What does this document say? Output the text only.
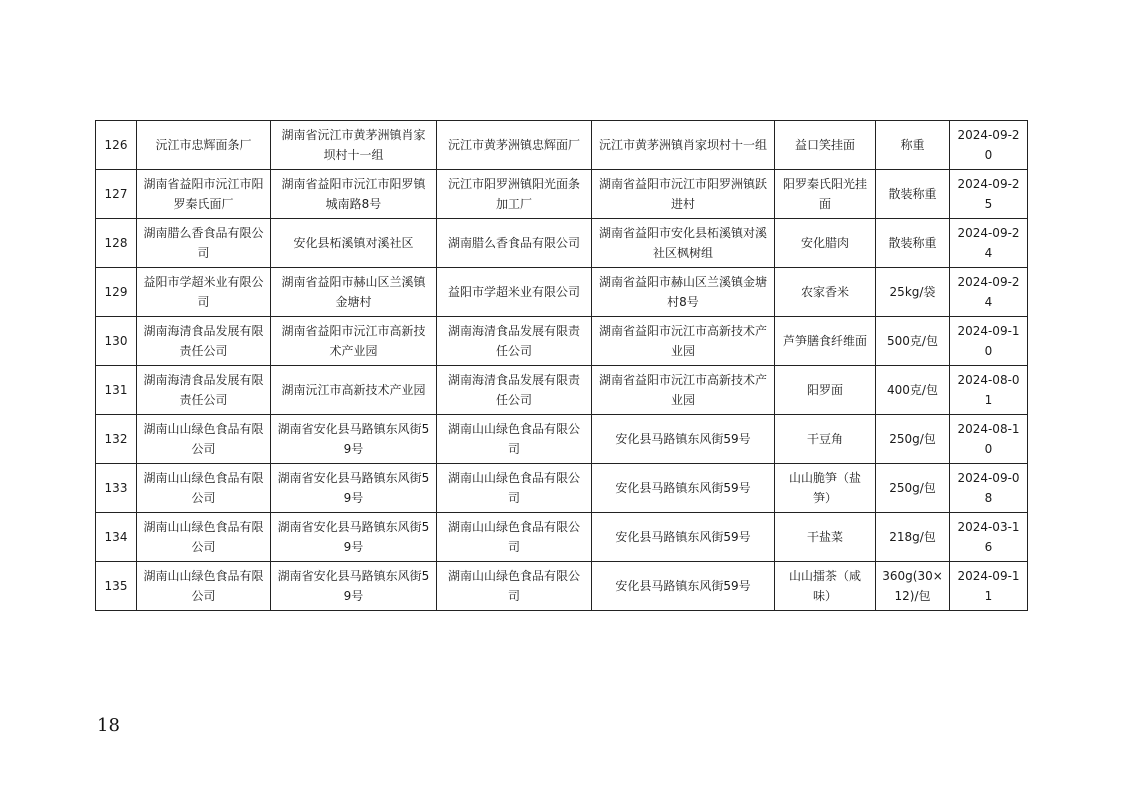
126	沅江市忠辉面条厂	湖南省沅江市黄茅洲镇肖家坝村十一组	沅江市黄茅洲镇忠辉面厂	沅江市黄茅洲镇肖家坝村十一组	益口笑挂面	称重	2024-09-20
127	湖南省益阳市沅江市阳罗秦氏面厂	湖南省益阳市沅江市阳罗镇城南路8号	沅江市阳罗洲镇阳光面条加工厂	湖南省益阳市沅江市阳罗洲镇跃进村	阳罗秦氏阳光挂面	散装称重	2024-09-25
128	湖南腊么香食品有限公司	安化县柘溪镇对溪社区	湖南腊么香食品有限公司	湖南省益阳市安化县柘溪镇对溪社区枫树组	安化腊肉	散装称重	2024-09-24
129	益阳市学超米业有限公司	湖南省益阳市赫山区兰溪镇金塘村	益阳市学超米业有限公司	湖南省益阳市赫山区兰溪镇金塘村8号	农家香米	25kg/袋	2024-09-24
130	湖南海清食品发展有限责任公司	湖南省益阳市沅江市高新技术产业园	湖南海清食品发展有限责任公司	湖南省益阳市沅江市高新技术产业园	芦笋膳食纤维面	500克/包	2024-09-10
131	湖南海清食品发展有限责任公司	湖南沅江市高新技术产业园	湖南海清食品发展有限责任公司	湖南省益阳市沅江市高新技术产业园	阳罗面	400克/包	2024-08-01
132	湖南山山绿色食品有限公司	湖南省安化县马路镇东风街59号	湖南山山绿色食品有限公司	安化县马路镇东风街59号	干豆角	250g/包	2024-08-10
133	湖南山山绿色食品有限公司	湖南省安化县马路镇东风街59号	湖南山山绿色食品有限公司	安化县马路镇东风街59号	山山脆笋（盐笋）	250g/包	2024-09-08
134	湖南山山绿色食品有限公司	湖南省安化县马路镇东风街59号	湖南山山绿色食品有限公司	安化县马路镇东风街59号	干盐菜	218g/包	2024-03-16
135	湖南山山绿色食品有限公司	湖南省安化县马路镇东风街59号	湖南山山绿色食品有限公司	安化县马路镇东风街59号	山山擂茶（咸味）	360g(30×12)/包	2024-09-11
18
